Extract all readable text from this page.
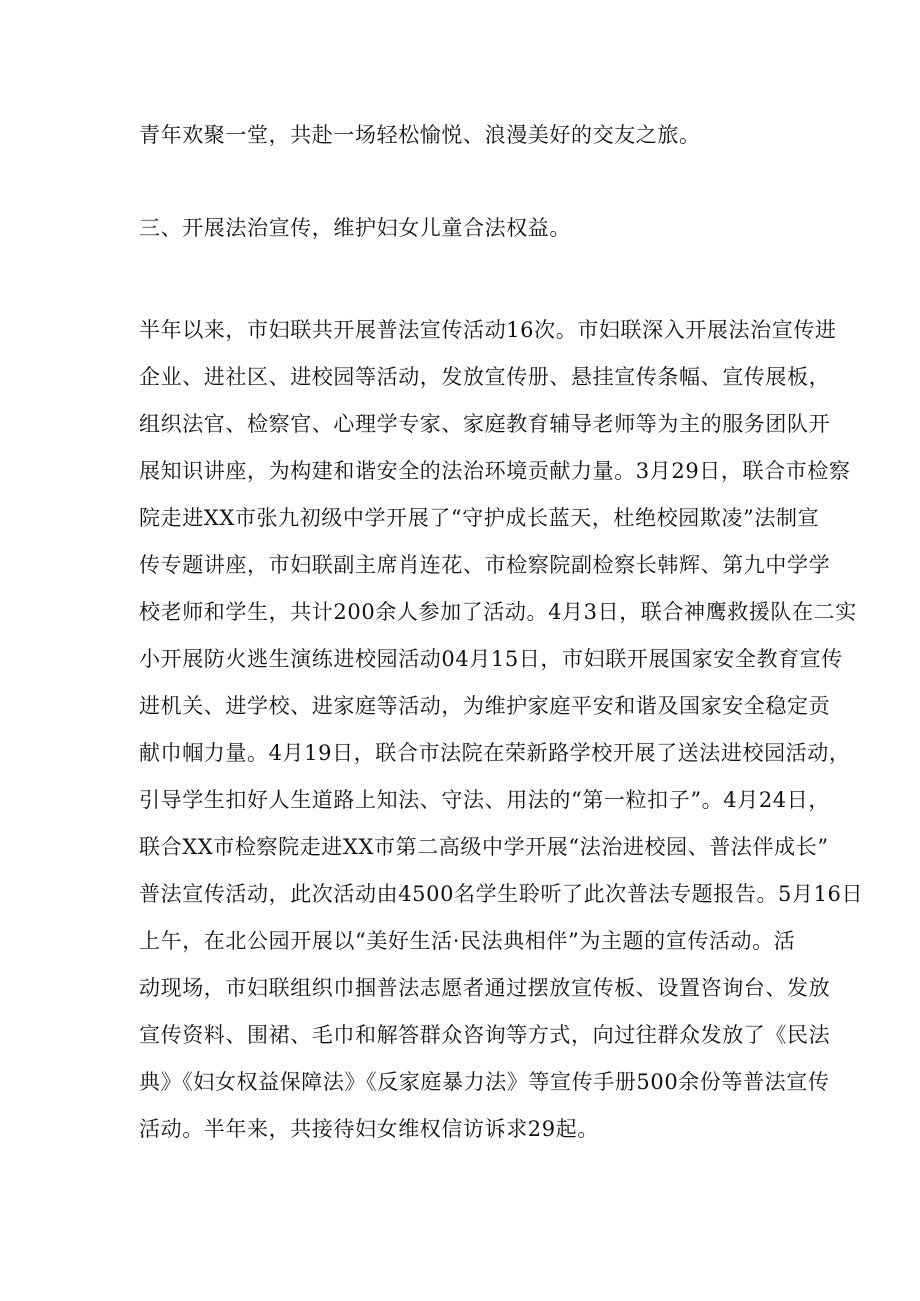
青年欢聚一堂，共赴一场轻松愉悦、浪漫美好的交友之旅。
三、开展法治宣传，维护妇女儿童合法权益。
半年以来，市妇联共开展普法宣传活动16次。市妇联深入开展法治宣传进
企业、进社区、进校园等活动，发放宣传册、悬挂宣传条幅、宣传展板，
组织法官、检察官、心理学专家、家庭教育辅导老师等为主的服务团队开
展知识讲座，为构建和谐安全的法治环境贡献力量。3月29日，联合市检察
院走进XX市张九初级中学开展了“守护成长蓝天，杜绝校园欺凌”法制宣
传专题讲座，市妇联副主席肖连花、市检察院副检察长韩辉、第九中学学
校老师和学生，共计200余人参加了活动。4月3日，联合神鹰救援队在二实
小开展防火逃生演练进校园活动04月15日，市妇联开展国家安全教育宣传
进机关、进学校、进家庭等活动，为维护家庭平安和谐及国家安全稳定贡
献巾帼力量。4月19日，联合市法院在荣新路学校开展了送法进校园活动，
引导学生扣好人生道路上知法、守法、用法的“第一粒扣子”。4月24日，
联合XX市检察院走进XX市第二高级中学开展“法治进校园、普法伴成长”
普法宣传活动，此次活动由4500名学生聆听了此次普法专题报告。5月16日
上午，在北公园开展以“美好生活·民法典相伴”为主题的宣传活动。活
动现场，市妇联组织巾掴普法志愿者通过摆放宣传板、设置咨询台、发放
宣传资料、围裙、毛巾和解答群众咨询等方式，向过往群众发放了《民法
典》《妇女权益保障法》《反家庭暴力法》等宣传手册500余份等普法宣传
活动。半年来，共接待妇女维权信访诉求29起。
